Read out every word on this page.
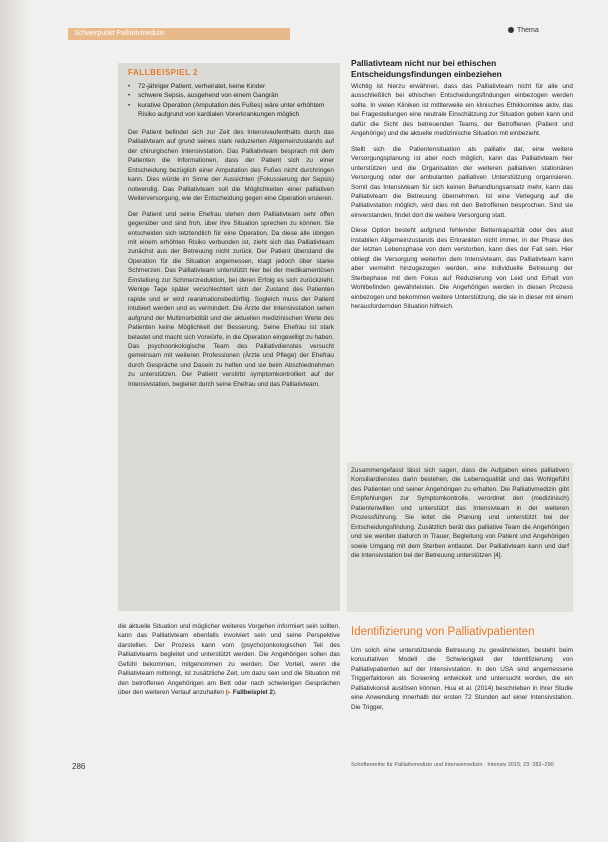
Schwerpunkt Palliativmedizin	Thema
FALLBEISPIEL 2
• 72-jähriger Patient, verheiratet, keine Kinder
• schwere Sepsis, ausgehend von einem Gangrän
• kurative Operation (Amputation des Fußes) wäre unter erhöhtem Risiko aufgrund von kardialen Vorerkrankungen möglich

Der Patient befindet sich zur Zeit des Intensivaufenthalts durch das Palliativteam auf grund seines stark reduzierten Allgemeinzustands auf der chirurgischen Intensivstation. Das Palliativteam besprach mit dem Patienten die Informationen, dass der Patient sich zu einer Entscheidung bezüglich einer Amputation des Fußes nicht durchringen kann. Dies würde im Sinne der Aussichten (Fokussierung der Sepsis) notwendig. Das Palliativteam soll die Möglichkeiten einer palliativen Weiterversorgung, wie der Entscheidung gegen eine Operation eruieren.

Der Patient und seine Ehefrau stehen dem Palliativteam sehr offen gegenüber und sind froh, über ihre Situation sprechen zu können. Sie entscheiden sich letztendlich für eine Operation. Da diese alle übrigen mit einem erhöhten Risiko verbunden ist, zieht sich das Palliativteam zunächst aus der Betreuung nicht zurück. Der Patient überstand die Operation für die Situation angemessen, klagt jedoch über starke Schmerzen. Das Palliativteam unterstützt hier bei der medikamentösen Einstellung zur Schmerzreduktion, bei deren Erfolg es sich zurückzieht. Wenige Tage später verschlechtert sich der Zustand des Patienten rapide und er wird reanimationsbedürftig. Sogleich muss der Patient intubiert werden und es vermindert. Die Ärzte der Intensivstation sehen aufgrund der Multimorbidität und der aktuellen medizinischen Werte des Patienten keine Möglichkeit der Besserung. Seine Ehefrau ist stark belastet und macht sich Vorwürfe, in die Operation eingewilligt zu haben. Das psychoonkologische Team des Palliativdienstes versucht gemeinsam mit weiteren Professionen (Ärzte und Pflege) der Ehefrau durch Gespräche und Dasein zu helfen und sie beim Abschiednehmen zu unterstützen. Der Patient verstirbt symptomkontrolliert auf der Intensivstation, begleitet durch seine Ehefrau und das Palliativteam.

die aktuelle Situation und möglicher weiteres Vorgehen informiert sein sollten, kann das Palliativteam ebenfalls involviert sein und seine Perspektive darstellen. Der Prozess kann vom (psycho)onkologischen Teil des Palliativteams begleitet und unterstützt werden. Die Angehörigen sollen das Gefühl bekommen, mitgenommen zu werden. Der Vorteil, wenn die Palliativteam mitbringt, ist zusätzliche Zeit, um dazu sein und die Situation mit den betroffenen Angehörigen am Bett oder nach schwierigen Gesprächen über den weiteren Verlauf anzuhalten (▸ Fallbeispiel 2).

Palliativteam nicht nur bei ethischen Entscheidungsfindungen einbeziehen

Wichtig ist hierzu erwähnen, dass das Palliativteam nicht für alle und ausschließlich bei ethischen Entscheidungsfindungen einbezogen werden sollte. In vielen Kliniken ist mittlerweile ein klinisches Ethikkomitee aktiv, das bei Fragestellungen eine neutrale Einschätzung zur Situation geben kann und dafür die Sicht des betreuenden Teams, der Betroffenen (Patient und Angehörige) und die aktuelle medizinische Situation mit einbezieht.

Stellt sich die Patientensituation als palliativ dar, eine weitere Versorgungsplanung ist aber noch möglich, kann das Palliativteam hier unterstützen und die Organisation der weiteren palliativen stationären Versorgung oder der ambulanten palliativen Unterstützung organisieren. Somit das Intensivteam für sich keinen Behandlungsansatz mehr, kann das Palliativteam die Betreuung übernehmen. Ist eine Verlegung auf die Palliativstation möglich, wird dies mit den Betroffenen besprochen. Sind sie einverstanden, findet dort die weitere Versorgung statt.

Diese Option besteht aufgrund fehlender Bettenkapazität oder des akut instabilen Allgemeinzustands des Erkrankten nicht immer, in der Phase des der letzten Lebensphase von dem verstorben, kann dies der Fall sein. Hier obliegt die Versorgung weiterhin dem Intensivteam, das Palliativteam kann aber vermehrt hinzugezogen werden, eine individuelle Betreuung der Sterbephase mit dem Fokus auf Reduzierung von Leid und Erhalt von Wohlbefinden gewährleisten. Die Angehörigen werden in diesen Prozess einbezogen und bekommen weitere Unterstützung, die sie in dieser mit einem herausfordernden Situation hilfreich.

Zusammengefasst lässt sich sagen, dass die Aufgaben eines palliativen Konsiliardienstes darin bestehen, die Lebensqualität und das Wohlgefühl des Patienten und seiner Angehörigen zu erhalten. Die Palliativmedizin gibt Empfehlungen zur Symptomkontrolle, verordnet den (medizinisch) Patientenwillen und unterstützt das Intensivteam in der weiteren Prozessführung. Sie leitet die Planung und unterstützt bei der Entscheidungsfindung. Zusätzlich berät das palliative Team die Angehörigen und sie werden dadurch in Trauer, Begleitung von Patient und Angehörigen sowie Umgang mit dem Sterben entlastet. Der Palliativteam kann und darf die Intensivstation bei der Betreuung unterstützen [4].

Identifizierung von Palliativpatienten

Um solch eine unterstützende Betreuung zu gewährleisten, besteht beim konsultativen Modell die Schwierigkeit der Identifizierung von Palliativpatienten auf der Intensivstation. In den USA sind angemessene Triggerfaktoren als Screening entwickelt und untersucht worden, die ein Palliativkonsil auslösen können. Hua et al. (2014) beschrieben in ihrer Studie eine Anwendung innerhalb der ersten 72 Stunden auf einer Intensivstation. Die Trigger,

286	Schriftenreihe für Palliativmedizin und Intensivmedizin · Intensiv 2015; 23: 282–290
